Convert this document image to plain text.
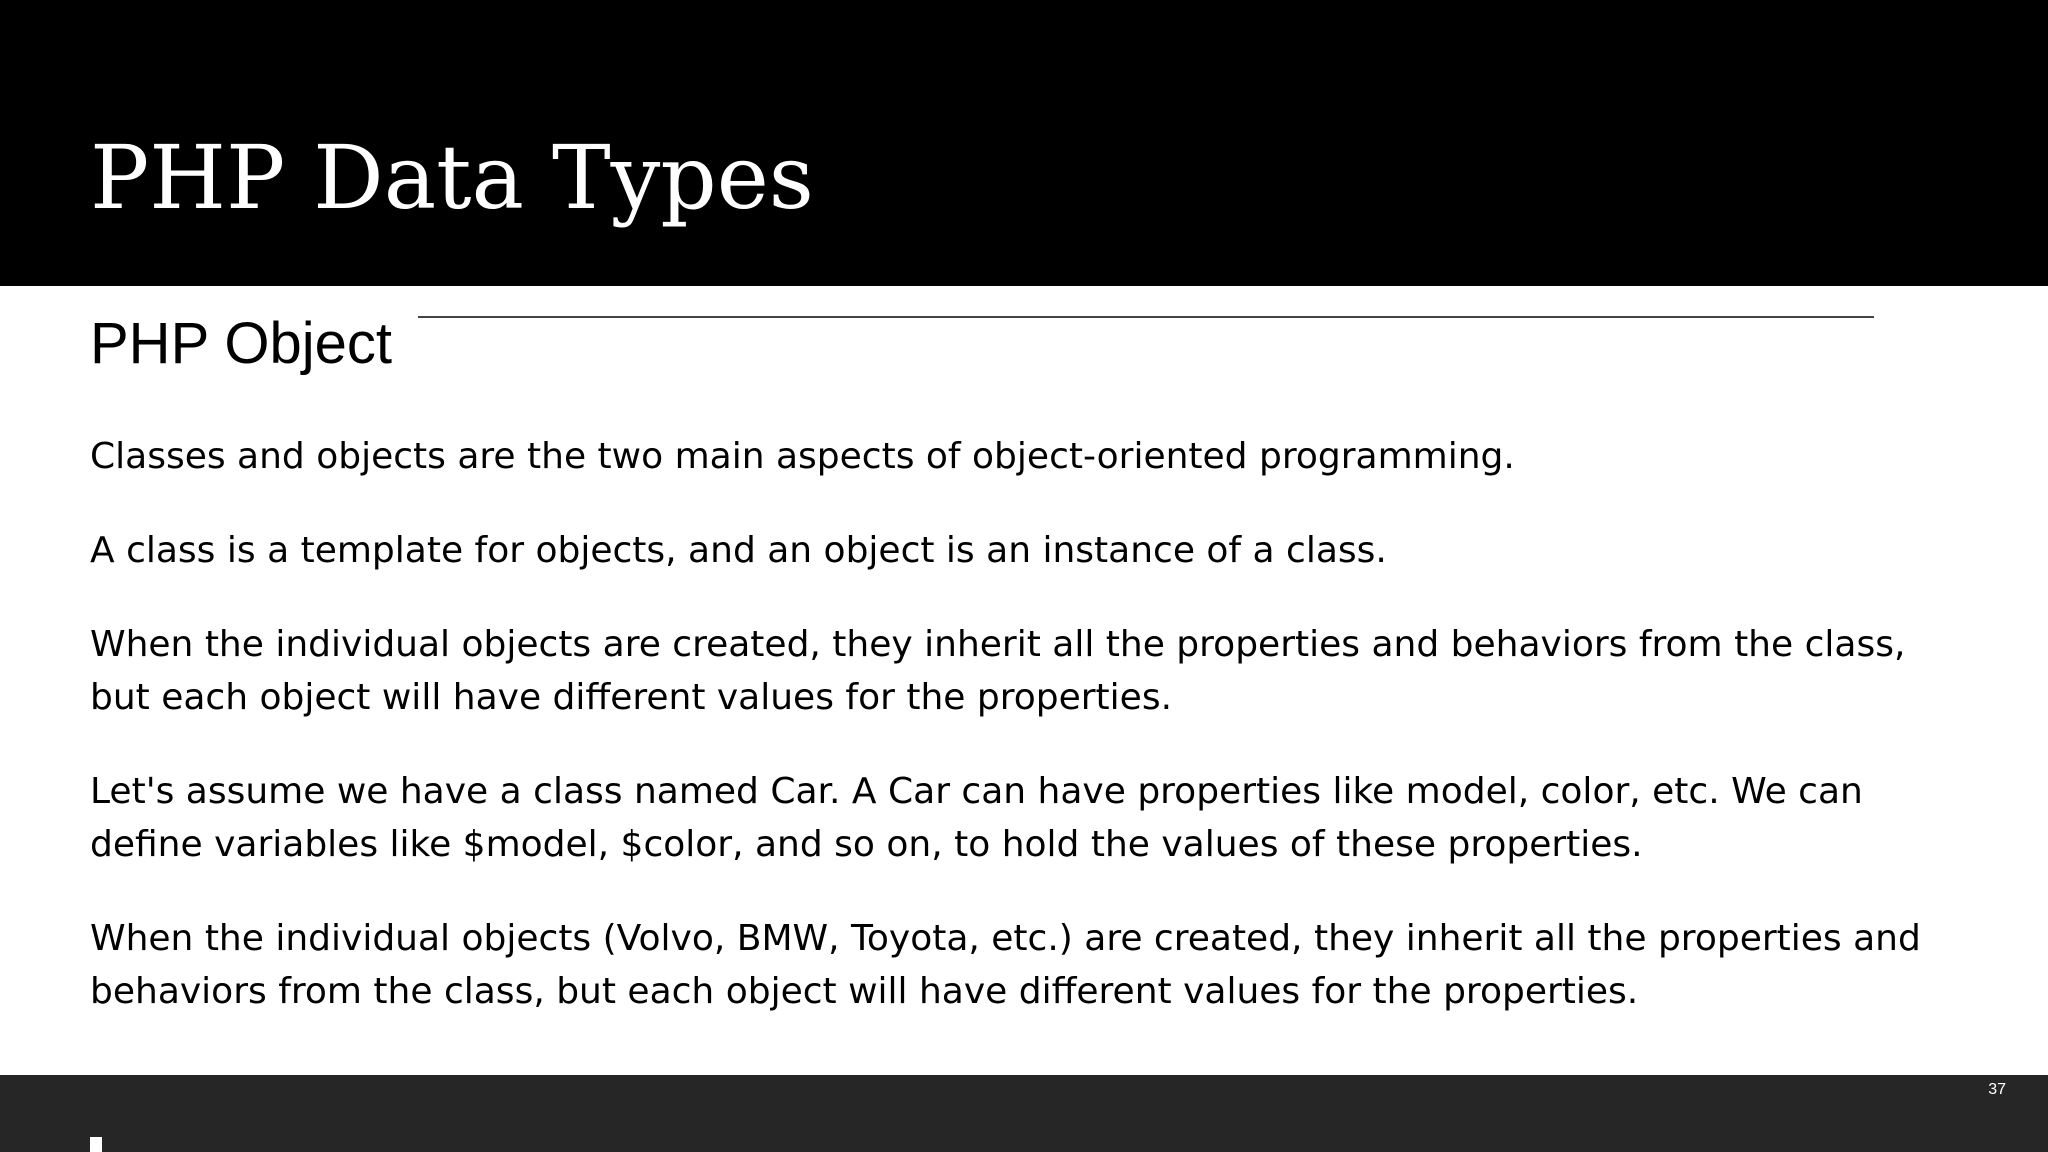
PHP Data Types
PHP Object

Classes and objects are the two main aspects of object-oriented programming.

A class is a template for objects, and an object is an instance of a class.

When the individual objects are created, they inherit all the properties and behaviors from the class, but each object will have different values for the properties.

Let's assume we have a class named Car. A Car can have properties like model, color, etc. We can define variables like $model, $color, and so on, to hold the values of these properties.

When the individual objects (Volvo, BMW, Toyota, etc.) are created, they inherit all the properties and behaviors from the class, but each object will have different values for the properties.

37
